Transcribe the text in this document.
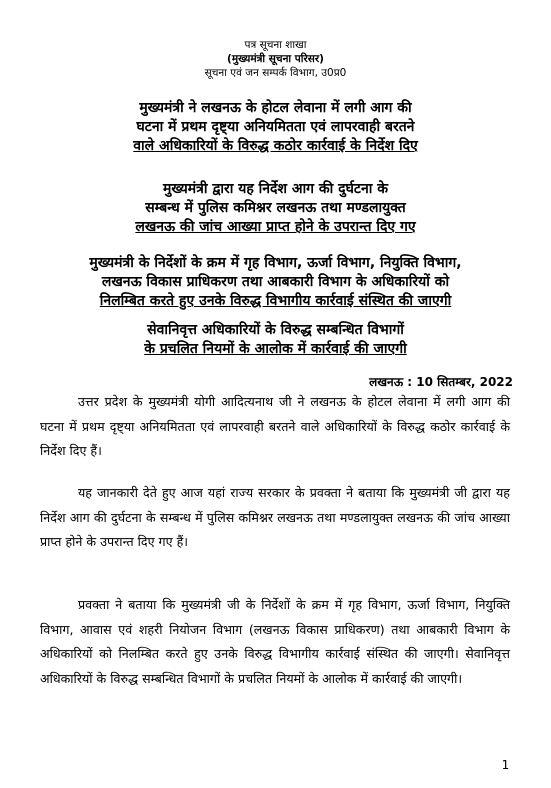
पत्र सूचना शाखा
(मुख्यमंत्री सूचना परिसर)
सूचना एवं जन सम्पर्क विभाग, उ0प्र0
मुख्यमंत्री ने लखनऊ के होटल लेवाना में लगी आग की
घटना में प्रथम दृष्ट्या अनियमितता एवं लापरवाही बरतने
वाले अधिकारियों के विरुद्ध कठोर कार्रवाई के निर्देश दिए
मुख्यमंत्री द्वारा यह निर्देश आग की दुर्घटना के
सम्बन्ध में पुलिस कमिश्नर लखनऊ तथा मण्डलायुक्त
लखनऊ की जांच आख्या प्राप्त होने के उपरान्त दिए गए
मुख्यमंत्री के निर्देशों के क्रम में गृह विभाग, ऊर्जा विभाग, नियुक्ति विभाग,
लखनऊ विकास प्राधिकरण तथा आबकारी विभाग के अधिकारियों को
निलम्बित करते हुए उनके विरुद्ध विभागीय कार्रवाई संस्थित की जाएगी
सेवानिवृत्त अधिकारियों के विरुद्ध सम्बन्धित विभागों
के प्रचलित नियमों के आलोक में कार्रवाई की जाएगी
लखनऊ : 10 सितम्बर, 2022

उत्तर प्रदेश के मुख्यमंत्री योगी आदित्यनाथ जी ने लखनऊ के होटल लेवाना में लगी आग की घटना में प्रथम दृष्ट्या अनियमितता एवं लापरवाही बरतने वाले अधिकारियों के विरुद्ध कठोर कार्रवाई के निर्देश दिए हैं।

यह जानकारी देते हुए आज यहां राज्य सरकार के प्रवक्ता ने बताया कि मुख्यमंत्री जी द्वारा यह निर्देश आग की दुर्घटना के सम्बन्ध में पुलिस कमिश्नर लखनऊ तथा मण्डलायुक्त लखनऊ की जांच आख्या प्राप्त होने के उपरान्त दिए गए हैं।

प्रवक्ता ने बताया कि मुख्यमंत्री जी के निर्देशों के क्रम में गृह विभाग, ऊर्जा विभाग, नियुक्ति विभाग, आवास एवं शहरी नियोजन विभाग (लखनऊ विकास प्राधिकरण) तथा आबकारी विभाग के अधिकारियों को निलम्बित करते हुए उनके विरुद्ध विभागीय कार्रवाई संस्थित की जाएगी। सेवानिवृत्त अधिकारियों के विरुद्ध सम्बन्धित विभागों के प्रचलित नियमों के आलोक में कार्रवाई की जाएगी।

1
